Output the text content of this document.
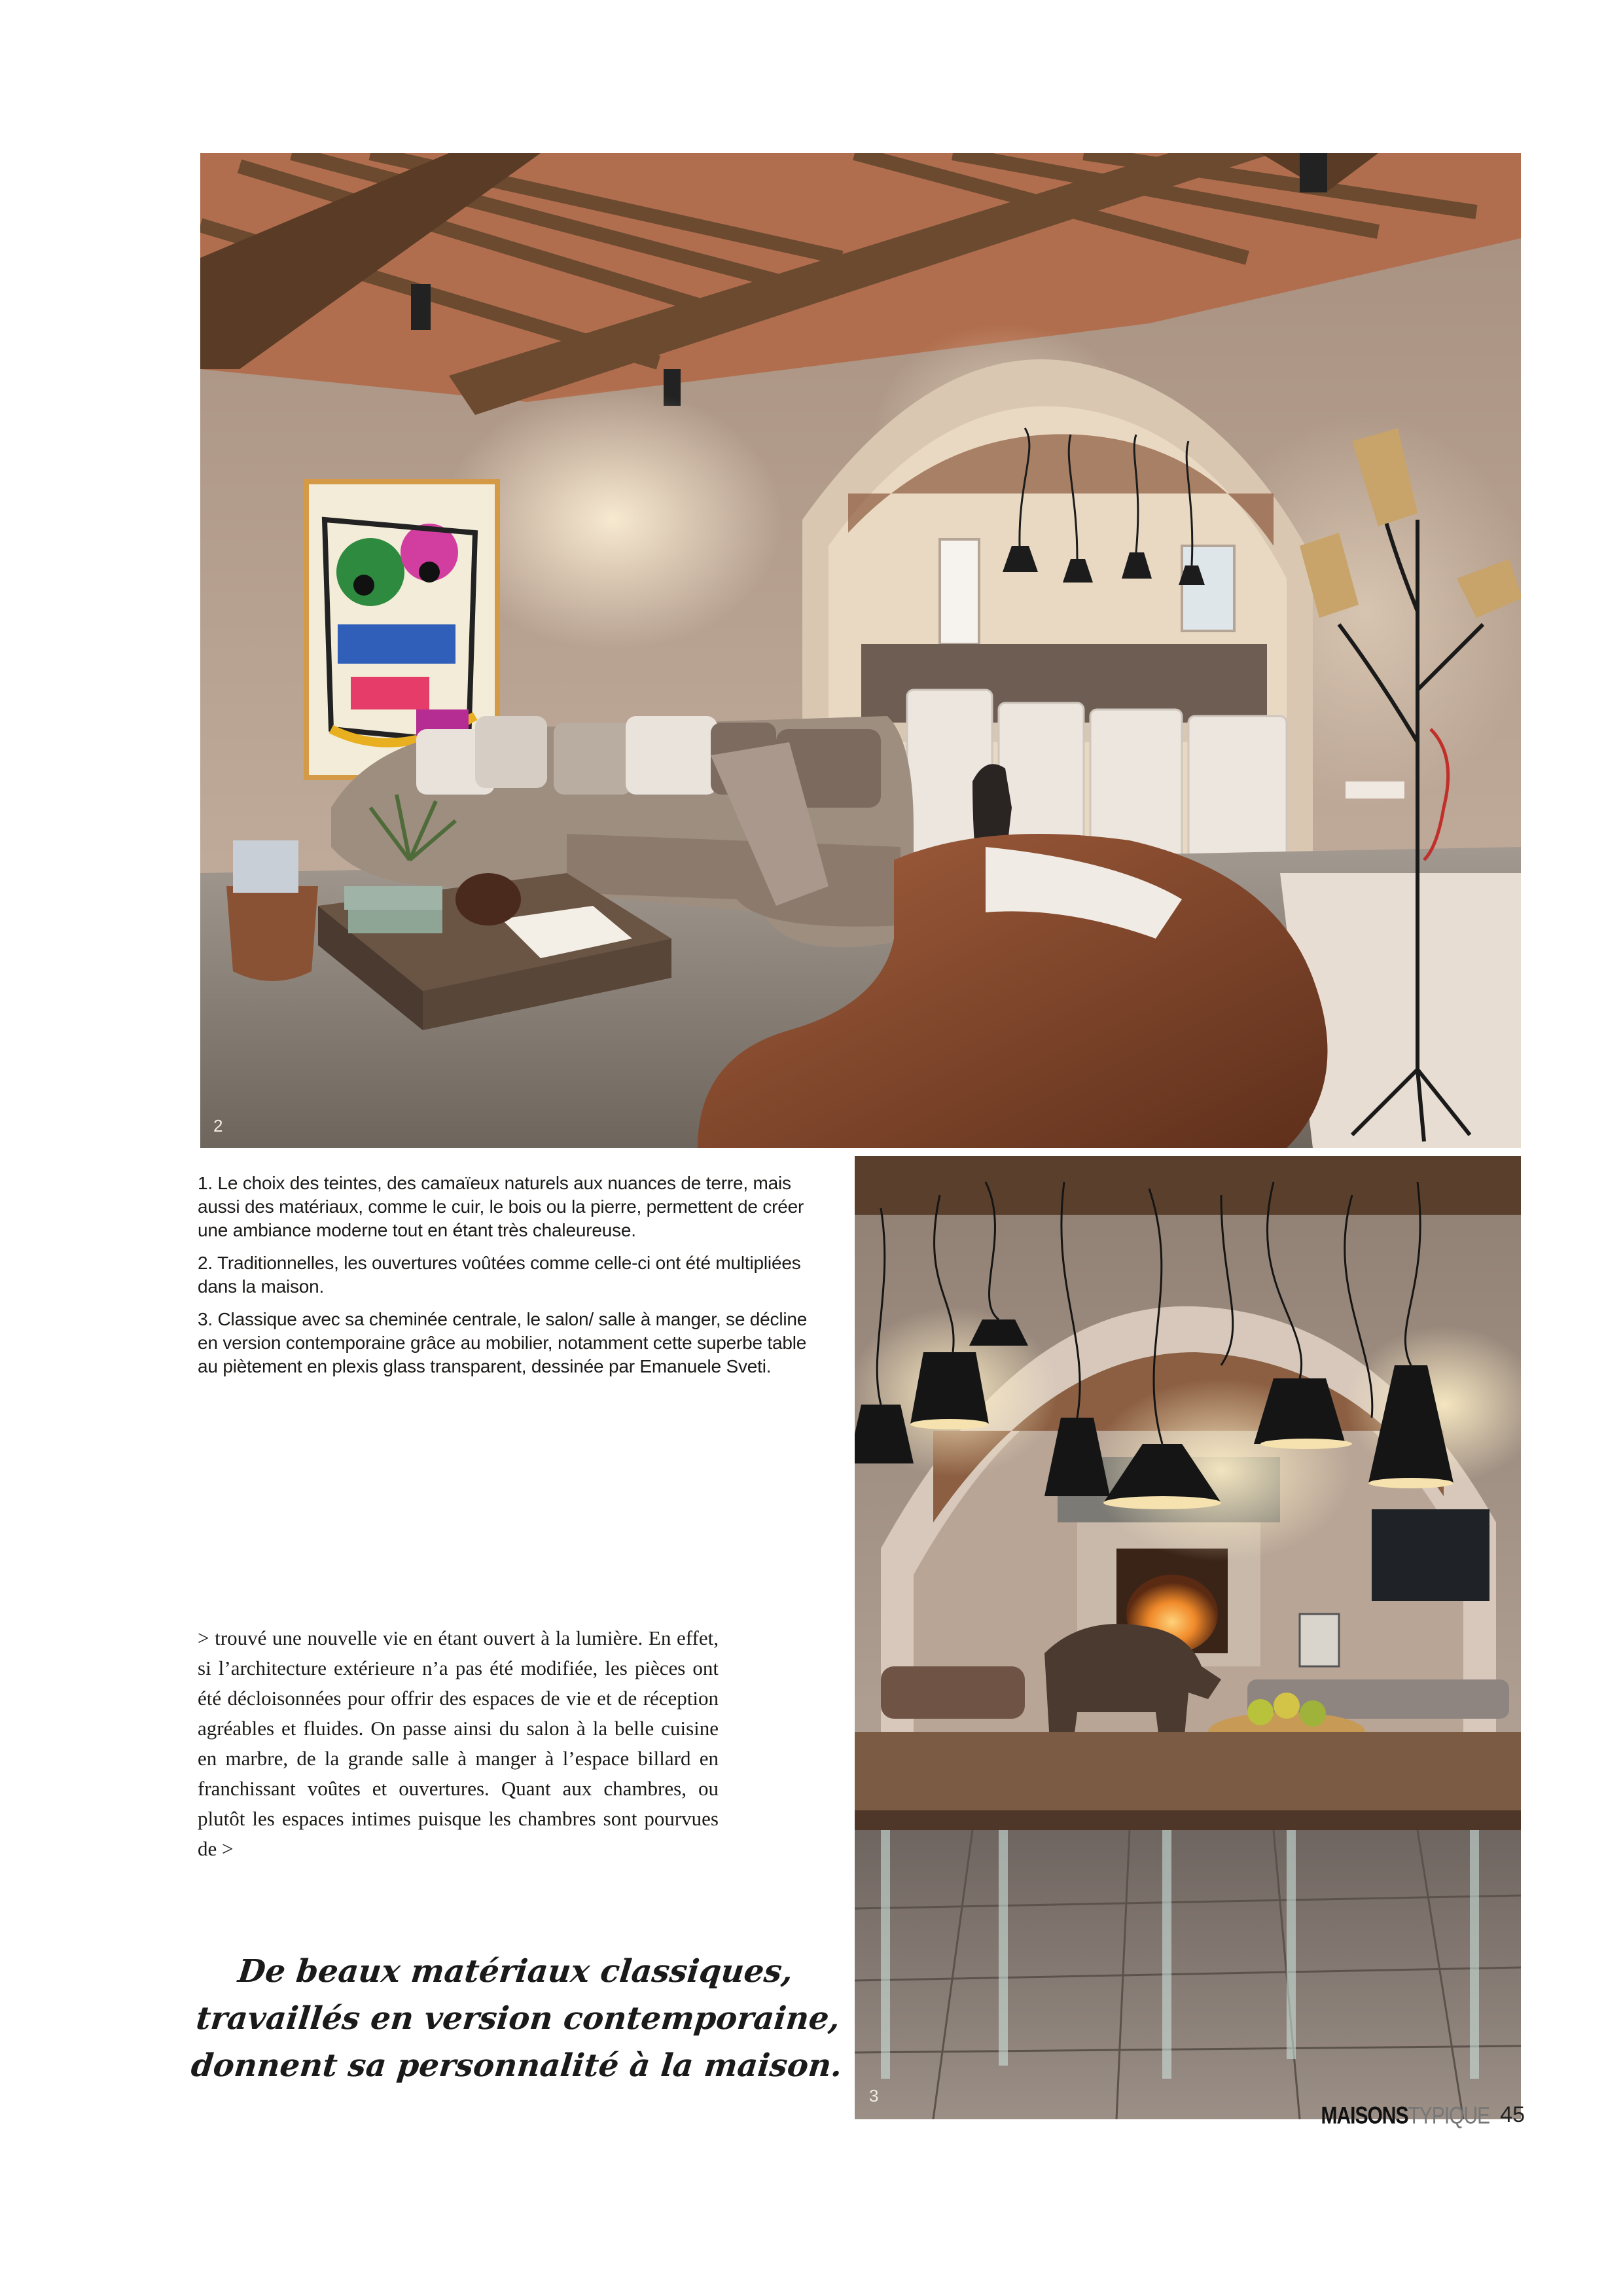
2

1. Le choix des teintes, des camaïeux naturels aux nuances de terre, mais aussi des matériaux, comme le cuir, le bois ou la pierre, permettent de créer une ambiance moderne tout en étant très chaleureuse.

2. Traditionnelles, les ouvertures voûtées comme celle-ci ont été multipliées dans la maison.

3. Classique avec sa cheminée centrale, le salon/ salle à manger, se décline en version contemporaine grâce au mobilier, notamment cette superbe table au piètement en plexis glass transparent, dessinée par Emanuele Sveti.

3

> trouvé une nouvelle vie en étant ouvert à la lumière. En effet, si l’architecture extérieure n’a pas été modifiée, les pièces ont été décloisonnées pour offrir des espaces de vie et de réception agréables et fluides. On passe ainsi du salon à la belle cuisine en marbre, de la grande salle à manger à l’espace billard en franchissant voûtes et ouvertures. Quant aux chambres, ou plutôt les espaces intimes puisque les chambres sont pourvues de >

De beaux matériaux classiques,
travaillés en version contemporaine,
donnent sa personnalité à la maison.
MAISONSTYPIQUE 45
